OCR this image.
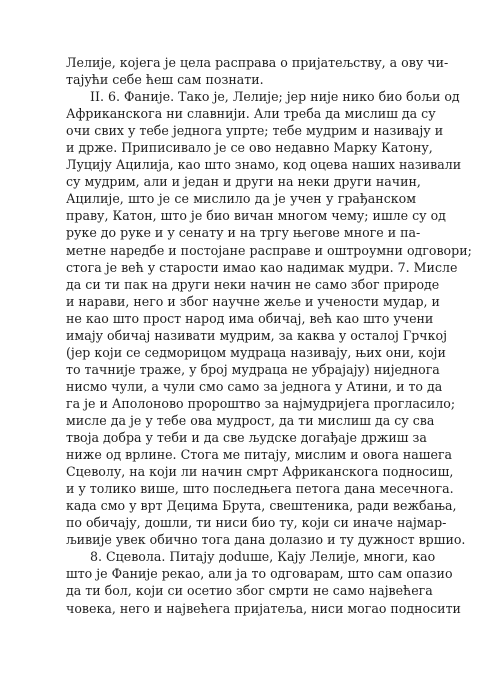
Лелије, којега је цела расправа о пријатељству, а ову чи-
тајући себе ћеш сам познати.
II. 6. Фаније. Тако је, Лелије; јер није нико био бољи од
Африканскога ни славнији. Али треба да мислиш да су
очи свих у тебе једнога упрте; тебе мудрим и називају и
и држе. Приписивало је се ово недавно Марку Катону,
Луцију Ацилија, као што знамо, код оцева наших називали
су мудрим, али и један и други на неки други начин,
Ацилије, што је се мислило да је учен у грађанском
праву, Катон, што је био вичан многом чему; ишле су од
руке до руке и у сенату и на тргу његове многе и па-
метне наредбе и постојане расправе и оштроумни одговори;
стога је већ у старости имао као надимак мудри. 7. Мисле
да си ти пак на други неки начин не само због природе
и нарави, него и због научне жеље и учености мудар, и
не као што прост народ има обичај, већ као што учени
имају обичај називати мудрим, за каква у осталој Грчкој
(јер који се седморицом мудраца називају, њих они, који
то тачније траже, у број мудраца не убрајају) ниједнога
нисмо чули, а чули смо само за једнога у Атини, и то да
га је и Аполоново пророштво за најмудријега прогласило;
мисле да је у тебе ова мудрост, да ти мислиш да су сва
твоја добра у теби и да све људске догађаје држиш за
ниже од врлине. Стога ме питају, мислим и овога нашега
Сцеволу, на који ли начин смрт Африканскога подносиш,
и у толико више, што последњега петога дана месечнога.
када смо у врт Децима Брута, свештеника, ради вежбања,
по обичају, дошли, ти ниси био ту, који си иначе најмар-
љивије увек обично тога дана долазио и ту дужност вршио.
8. Сцевола. Питају доduше, Кају Лелије, многи, као
што је Фаније рекао, али ја то одговарам, што сам опазио
да ти бол, који си осетио због смрти не само највећега
човека, него и највећега пријатеља, ниси могао подносити
